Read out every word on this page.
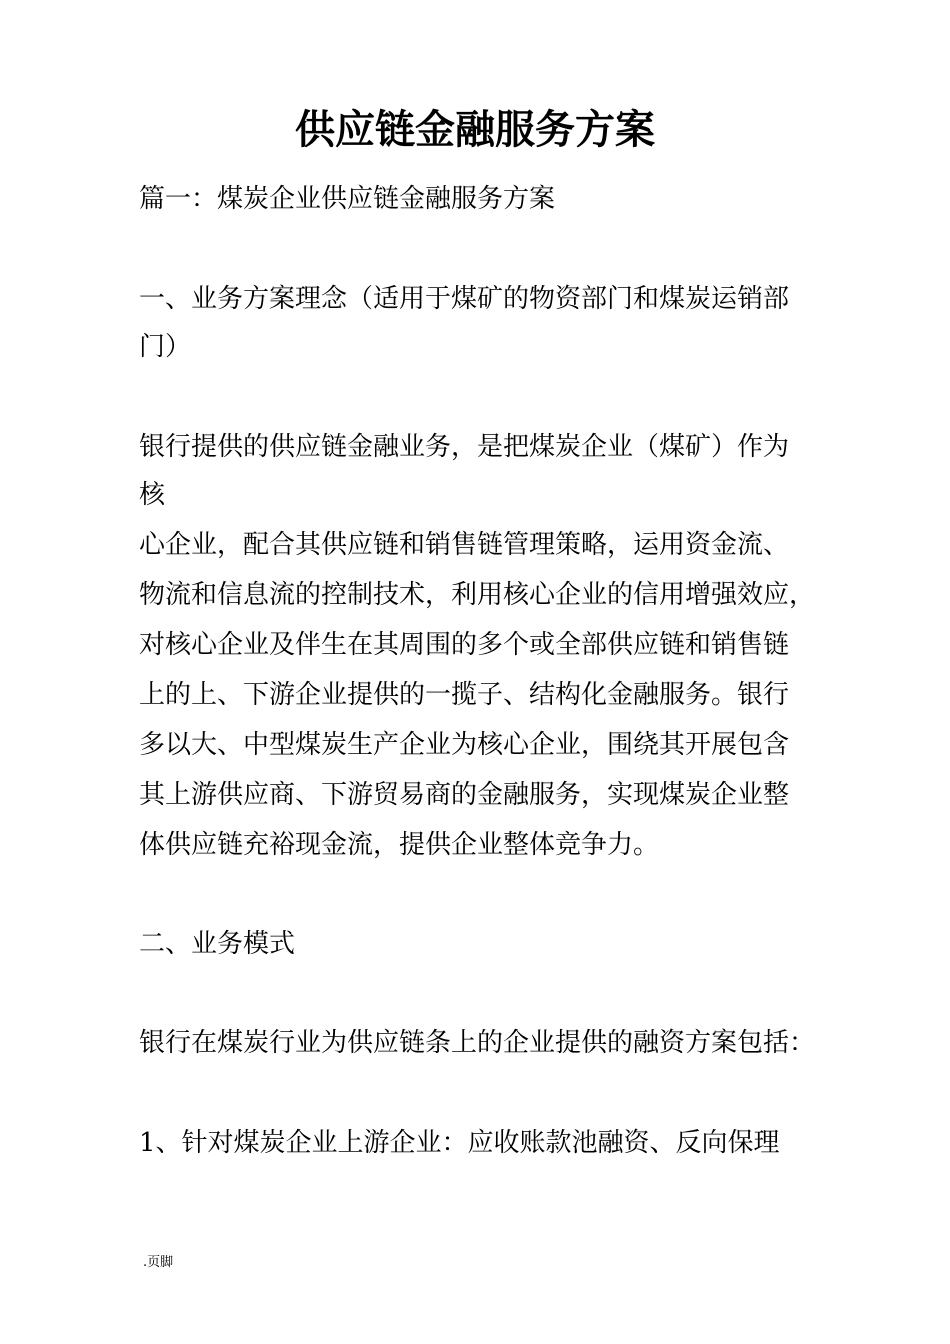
供应链金融服务方案

篇一：煤炭企业供应链金融服务方案

一、业务方案理念（适用于煤矿的物资部门和煤炭运销部

门）

银行提供的供应链金融业务，是把煤炭企业（煤矿）作为

核

心企业，配合其供应链和销售链管理策略，运用资金流、

物流和信息流的控制技术，利用核心企业的信用增强效应，

对核心企业及伴生在其周围的多个或全部供应链和销售链

上的上、下游企业提供的一揽子、结构化金融服务。银行

多以大、中型煤炭生产企业为核心企业，围绕其开展包含

其上游供应商、下游贸易商的金融服务，实现煤炭企业整

体供应链充裕现金流，提供企业整体竞争力。

二、业务模式

银行在煤炭行业为供应链条上的企业提供的融资方案包括：

1、针对煤炭企业上游企业：应收账款池融资、反向保理

.页脚
